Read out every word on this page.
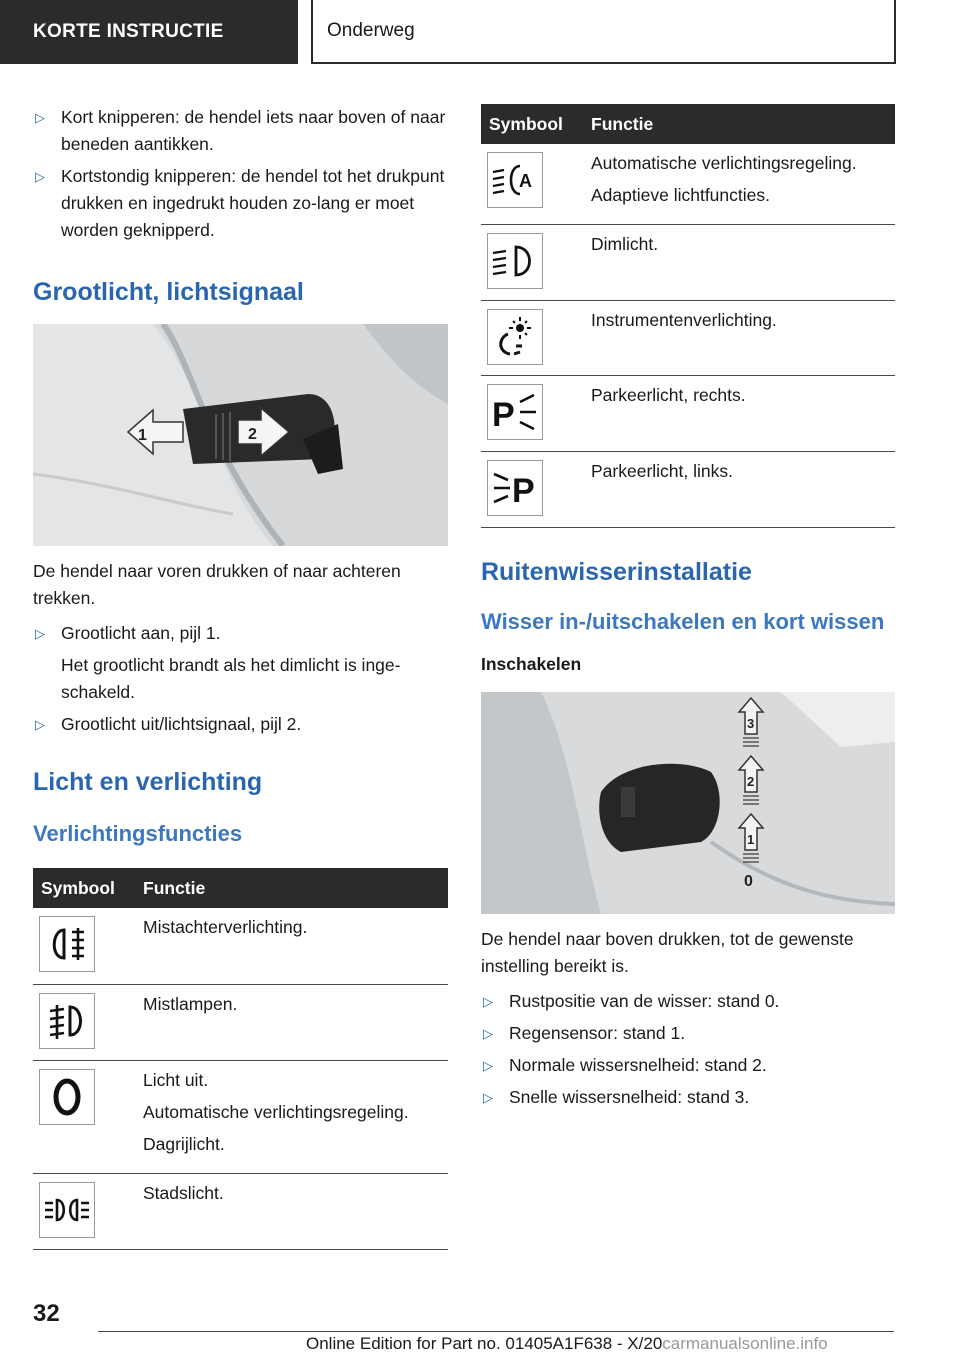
KORTE INSTRUCTIE	Onderweg
▷ Kort knipperen: de hendel iets naar boven of naar beneden aantikken.
▷ Kortstondig knipperen: de hendel tot het drukpunt drukken en ingedrukt houden zo-lang er moet worden geknipperd.
Grootlicht, lichtsignaal
1	2
De hendel naar voren drukken of naar achteren trekken.
▷ Grootlicht aan, pijl 1.
Het grootlicht brandt als het dimlicht is inge-schakeld.
▷ Grootlicht uit/lichtsignaal, pijl 2.
Licht en verlichting
Verlichtingsfuncties
Symbool	Functie

Mistachterverlichting.

Mistlampen.

Licht uit.
Automatische verlichtingsregeling.
Dagrijlicht.

Stadslicht.
Symbool	Functie

A	Automatische verlichtingsregeling.
Adaptieve lichtfuncties.

Dimlicht.

Instrumentenverlichting.

P	Parkeerlicht, rechts.

P	Parkeerlicht, links.
Ruitenwisserinstallatie
Wisser in-/uitschakelen en kort wissen
Inschakelen
3
2
1
0
De hendel naar boven drukken, tot de gewenste instelling bereikt is.
▷ Rustpositie van de wisser: stand 0.
▷ Regensensor: stand 1.
▷ Normale wissersnelheid: stand 2.
▷ Snelle wissersnelheid: stand 3.
32
Online Edition for Part no. 01405A1F638 - X/20carmanualsonline.info
